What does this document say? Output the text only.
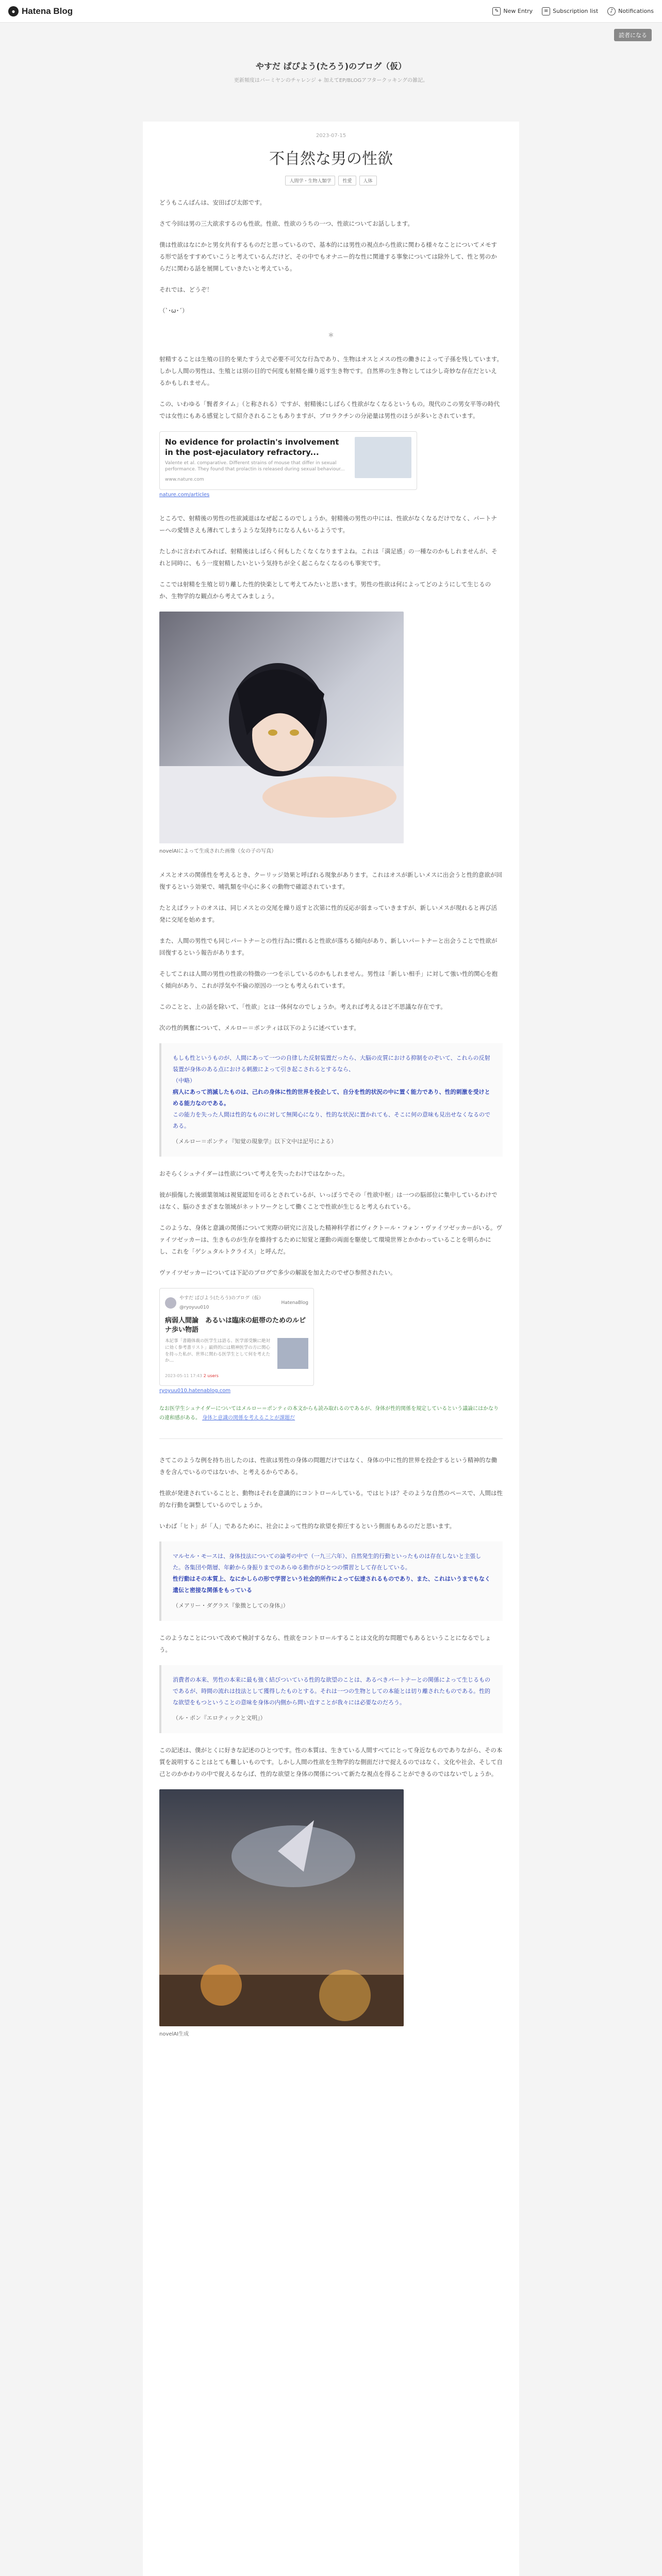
● Hatena Blog	✎ New Entry	≡ Subscription list	♪ Notifications
読者になる
やすだ ぱぴよう(たろう)のブログ（仮）
更新頻度はバーミヤンのチャレンジ + 加えてEP/BLOGアフタークッキングの雑記。
2023-07-15
不自然な男の性欲
人間学・生物人類学	性愛	人体

どうもこんばんは、安田ぱぴ太郎です。

さて今回は男の三大欲求するのも性欲。性欲、性欲のうちの一つ、性欲についてお話しします。

僕は性欲はなにかと男女共有するものだと思っているので、基本的には男性の視点から性欲に関わる様々なことについてメモする形で話をすすめていこうと考えているんだけど、その中でもオナニー的な性に関連する事象については除外して、性と男のからだに関わる話を展開していきたいと考えている。

それでは、どうぞ！

（`･ω･´）

＊

射精することは生殖の目的を果たすうえで必要不可欠な行為であり、生物はオスとメスの性の働きによって子孫を残しています。しかし人間の男性は、生殖とは別の目的で何度も射精を繰り返す生き物です。自然界の生き物としては少し奇妙な存在だといえるかもしれません。

この、いわゆる「賢者タイム」（と称される）ですが、射精後にしばらく性欲がなくなるというもの。現代のこの男女平等の時代では女性にもある感覚として紹介されることもありますが、プロラクチンの分泌量は男性のほうが多いとされています。

No evidence for prolactin's involvement in the post-ejaculatory refractory...
Valente et al. comparative. Different strains of mouse that differ in sexual performance. They found that prolactin is released during sexual behaviour...
www.nature.com
nature.com/articles

ところで、射精後の男性の性欲減退はなぜ起こるのでしょうか。射精後の男性の中には、性欲がなくなるだけでなく、パートナーへの愛情さえも薄れてしまうような気持ちになる人もいるようです。

たしかに言われてみれば、射精後はしばらく何もしたくなくなりますよね。これは「満足感」の一種なのかもしれませんが、それと同時に、もう一度射精したいという気持ちが全く起こらなくなるのも事実です。

ここでは射精を生殖と切り離した性的快楽として考えてみたいと思います。男性の性欲は何によってどのようにして生じるのか、生物学的な観点から考えてみましょう。

novelAIによって生成された画像（女の子の写真）

メスとオスの関係性を考えるとき、クーリッジ効果と呼ばれる現象があります。これはオスが新しいメスに出会うと性的意欲が回復するという効果で、哺乳類を中心に多くの動物で確認されています。

たとえばラットのオスは、同じメスとの交尾を繰り返すと次第に性的反応が弱まっていきますが、新しいメスが現れると再び活発に交尾を始めます。

また、人間の男性でも同じパートナーとの性行為に慣れると性欲が落ちる傾向があり、新しいパートナーと出会うことで性欲が回復するという報告があります。

そしてこれは人間の男性の性欲の特徴の一つを示しているのかもしれません。男性は「新しい相手」に対して強い性的関心を抱く傾向があり、これが浮気や不倫の原因の一つとも考えられています。

このことと、上の話を除いて、「性欲」とは一体何なのでしょうか。考えれば考えるほど不思議な存在です。

次の性的興奮について、メルロー＝ポンティは以下のように述べています。

もしも性というものが、人間にあって一つの自律した反射装置だったら、大脳の皮質における抑制をのぞいて、これらの反射装置が身体のある点における刺激によって引き起こされるとするなら、
（中略）
病人にあって消滅したものは、己れの身体に性的世界を投企して、自分を性的状況の中に置く能力であり、性的刺激を受けとめる能力なのである。
この能力を失った人間は性的なものに対して無関心になり、性的な状況に置かれても、そこに何の意味も見出せなくなるのである。
（メルロー＝ポンティ『知覚の現象学』以下文中は記号による）

おそらくシュナイダーは性欲について考えを失ったわけではなかった。

彼が損傷した後頭葉領域は視覚認知を司るとされているが、いっぽうでその「性欲中枢」は一つの脳部位に集中しているわけではなく、脳のさまざまな領域がネットワークとして働くことで性欲が生じると考えられている。

このような、身体と意識の関係について実際の研究に言及した精神科学者にヴィクトール・フォン・ヴァイツゼッカーがいる。ヴァイツゼッカーは、生きものが生存を維持するために知覚と運動の両面を駆使して環境世界とかかわっていることを明らかにし、これを「ゲシュタルトクライス」と呼んだ。

ヴァイツゼッカーについては下記のブログで多少の解説を加えたのでぜひ参照されたい。

やすだ ぱぴよう(たろう)のブログ（仮）
@ryoyuu010
HatenaBlog
病弱人間論　あるいは臨床の紐帯のためのルピナ歩い物語
本記事「書籍体裁の医学生は語る、医学部受験に絶対に効く参考書リスト」最終的には精神医学の方に関心を持った私が、世界に関わる医学生として何を考えたか…
2023-05-11 17:43 2 users
ryoyuu010.hatenablog.com
なお医学生シュナイダーについてはメルロー＝ポンティの本文からも読み取れるのであるが、身体が性的関係を規定しているという議論にはかなりの違和感がある。 身体と意識の関係を考えることが課題だ

さてこのような例を持ち出したのは、性欲は男性の身体の問題だけではなく、身体の中に性的世界を投企するという精神的な働きを含んでいるのではないか、と考えるからである。

性欲が発達されていることと、動物はそれを意識的にコントロールしている。ではヒトは？そのような自然のペースで、人間は性的な行動を調整しているのでしょうか。

いわば「ヒト」が「人」であるために、社会によって性的な欲望を抑圧するという側面もあるのだと思います。

マルセル・モースは、身体技法についての論考の中で（一九三六年）、自然発生的行動といったものは存在しないと主張した。各集団や階層、年齢から身振りまでのあらゆる動作がひとつの慣習として存在している。
性行動はその本質上、なにかしらの形で学習という社会的所作によって伝達されるものであり、また、これはいうまでもなく遺伝と密接な関係をもっている
（メアリー・ダグラス『象徴としての身体』）

このようなことについて改めて検討するなら、性欲をコントロールすることは文化的な問題でもあるということになるでしょう。

消費者の本来、男性の本来に最も強く結びついている性的な欲望のことは、あるべきパートナーとの関係によって生じるものであるが、時間の流れは技法として獲得したものとする。それは一つの生物としての本能とは切り離されたものである。性的な欲望をもつということの意味を身体の内側から問い直すことが我々には必要なのだろう。
（ル・ポン『エロティックと文明』）

この記述は、僕がとくに好きな記述のひとつです。性の本質は、生きている人間すべてにとって身近なものでありながら、その本質を説明することはとても難しいものです。しかし人間の性欲を生物学的な側面だけで捉えるのではなく、文化や社会、そして自己とのかかわりの中で捉えるならば、性的な欲望と身体の関係について新たな視点を得ることができるのではないでしょうか。

novelAI生成
